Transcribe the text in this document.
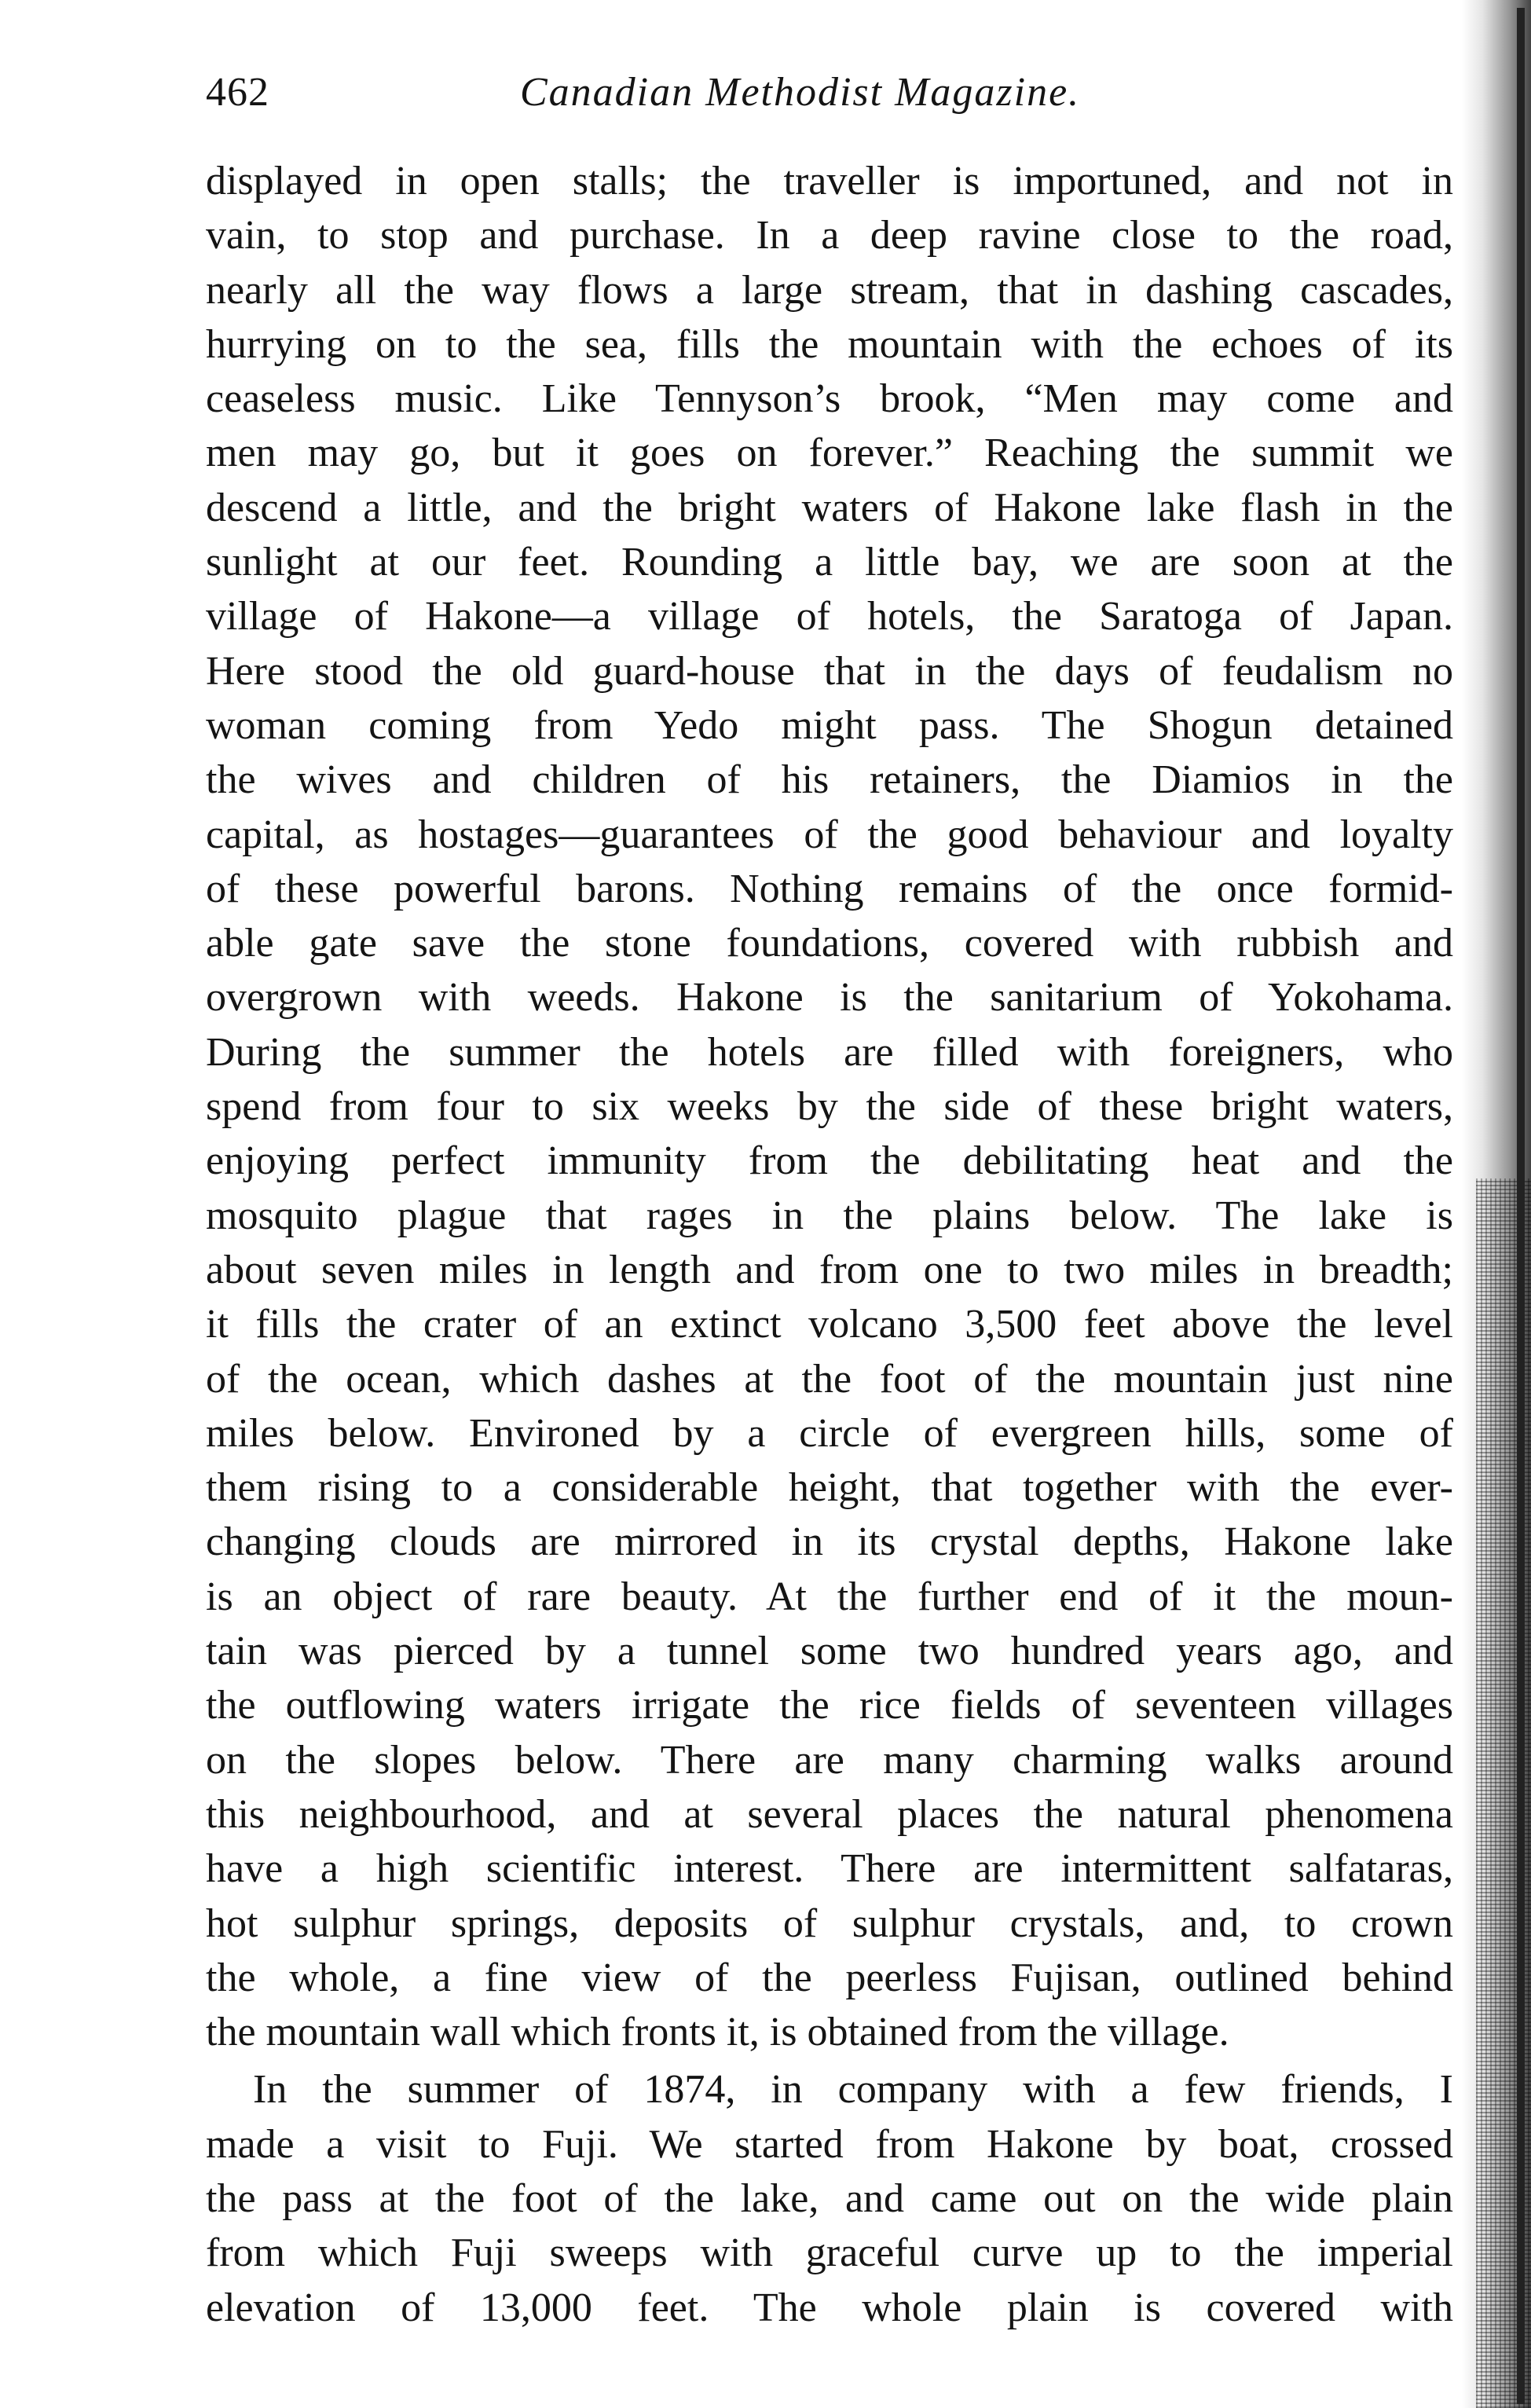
462	Canadian Methodist Magazine.
displayed in open stalls; the traveller is importuned, and not in
vain, to stop and purchase. In a deep ravine close to the road,
nearly all the way flows a large stream, that in dashing cascades,
hurrying on to the sea, fills the mountain with the echoes of its
ceaseless music. Like Tennyson’s brook, “Men may come and
men may go, but it goes on forever.” Reaching the summit we
descend a little, and the bright waters of Hakone lake flash in the
sunlight at our feet. Rounding a little bay, we are soon at the
village of Hakone—a village of hotels, the Saratoga of Japan.
Here stood the old guard-house that in the days of feudalism no
woman coming from Yedo might pass. The Shogun detained
the wives and children of his retainers, the Diamios in the
capital, as hostages—guarantees of the good behaviour and loyalty
of these powerful barons. Nothing remains of the once formid-
able gate save the stone foundations, covered with rubbish and
overgrown with weeds. Hakone is the sanitarium of Yokohama.
During the summer the hotels are filled with foreigners, who
spend from four to six weeks by the side of these bright waters,
enjoying perfect immunity from the debilitating heat and the
mosquito plague that rages in the plains below. The lake is
about seven miles in length and from one to two miles in breadth;
it fills the crater of an extinct volcano 3,500 feet above the level
of the ocean, which dashes at the foot of the mountain just nine
miles below. Environed by a circle of evergreen hills, some of
them rising to a considerable height, that together with the ever-
changing clouds are mirrored in its crystal depths, Hakone lake
is an object of rare beauty. At the further end of it the moun-
tain was pierced by a tunnel some two hundred years ago, and
the outflowing waters irrigate the rice fields of seventeen villages
on the slopes below. There are many charming walks around
this neighbourhood, and at several places the natural phenomena
have a high scientific interest. There are intermittent salfataras,
hot sulphur springs, deposits of sulphur crystals, and, to crown
the whole, a fine view of the peerless Fujisan, outlined behind
the mountain wall which fronts it, is obtained from the village.
In the summer of 1874, in company with a few friends, I
made a visit to Fuji. We started from Hakone by boat, crossed
the pass at the foot of the lake, and came out on the wide plain
from which Fuji sweeps with graceful curve up to the imperial
elevation of 13,000 feet. The whole plain is covered with
